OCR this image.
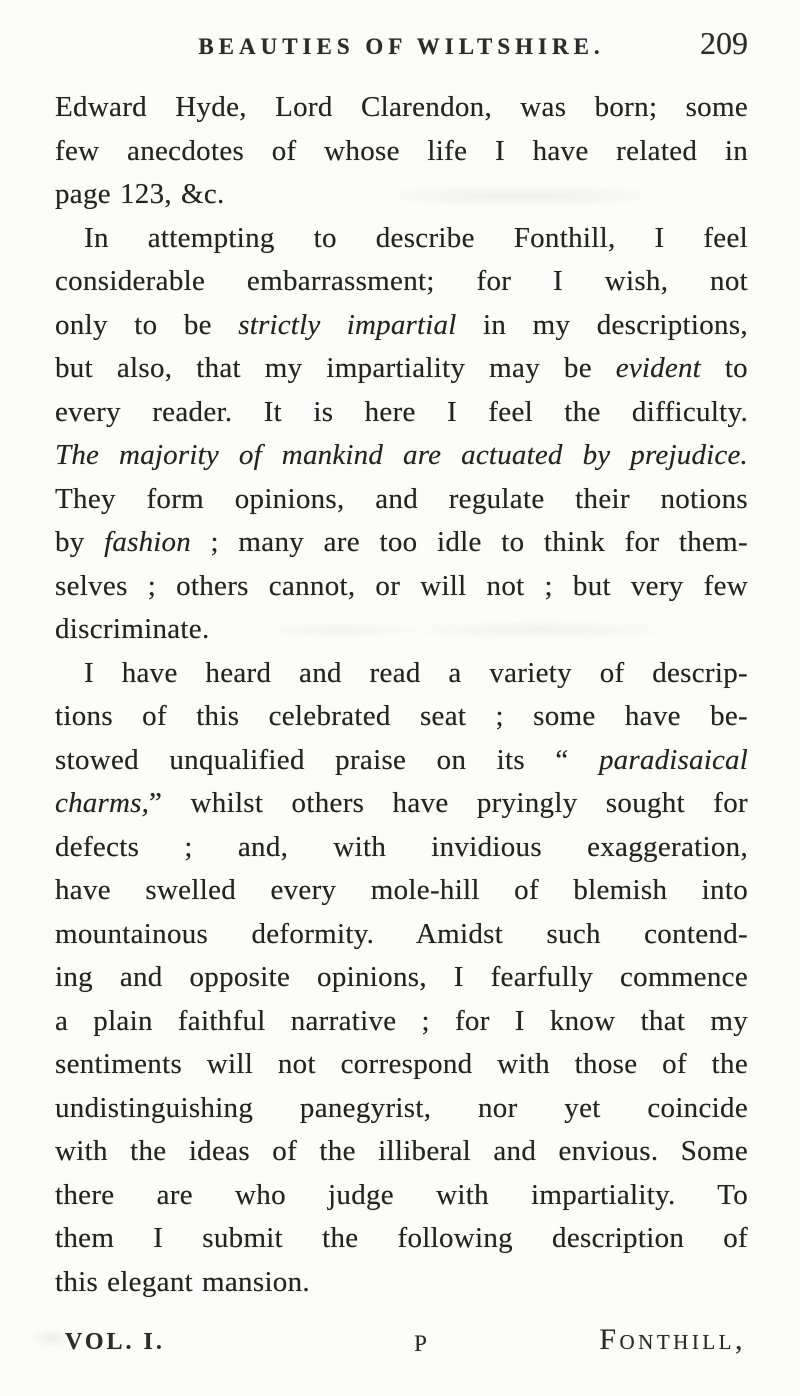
BEAUTIES OF WILTSHIRE.	209
Edward Hyde, Lord Clarendon, was born; some
few anecdotes of whose life I have related in
page 123, &c.
In attempting to describe Fonthill, I feel
considerable embarrassment; for I wish, not
only to be strictly impartial in my descriptions,
but also, that my impartiality may be evident to
every reader. It is here I feel the difficulty.
The majority of mankind are actuated by prejudice.
They form opinions, and regulate their notions
by fashion ; many are too idle to think for them-
selves ; others cannot, or will not ; but very few
discriminate.
I have heard and read a variety of descrip-
tions of this celebrated seat ; some have be-
stowed unqualified praise on its “ paradisaical
charms,” whilst others have pryingly sought for
defects ; and, with invidious exaggeration,
have swelled every mole-hill of blemish into
mountainous deformity. Amidst such contend-
ing and opposite opinions, I fearfully commence
a plain faithful narrative ; for I know that my
sentiments will not correspond with those of the
undistinguishing panegyrist, nor yet coincide
with the ideas of the illiberal and envious. Some
there are who judge with impartiality. To
them I submit the following description of
this elegant mansion.
VOL. I.	P	Fonthill,
